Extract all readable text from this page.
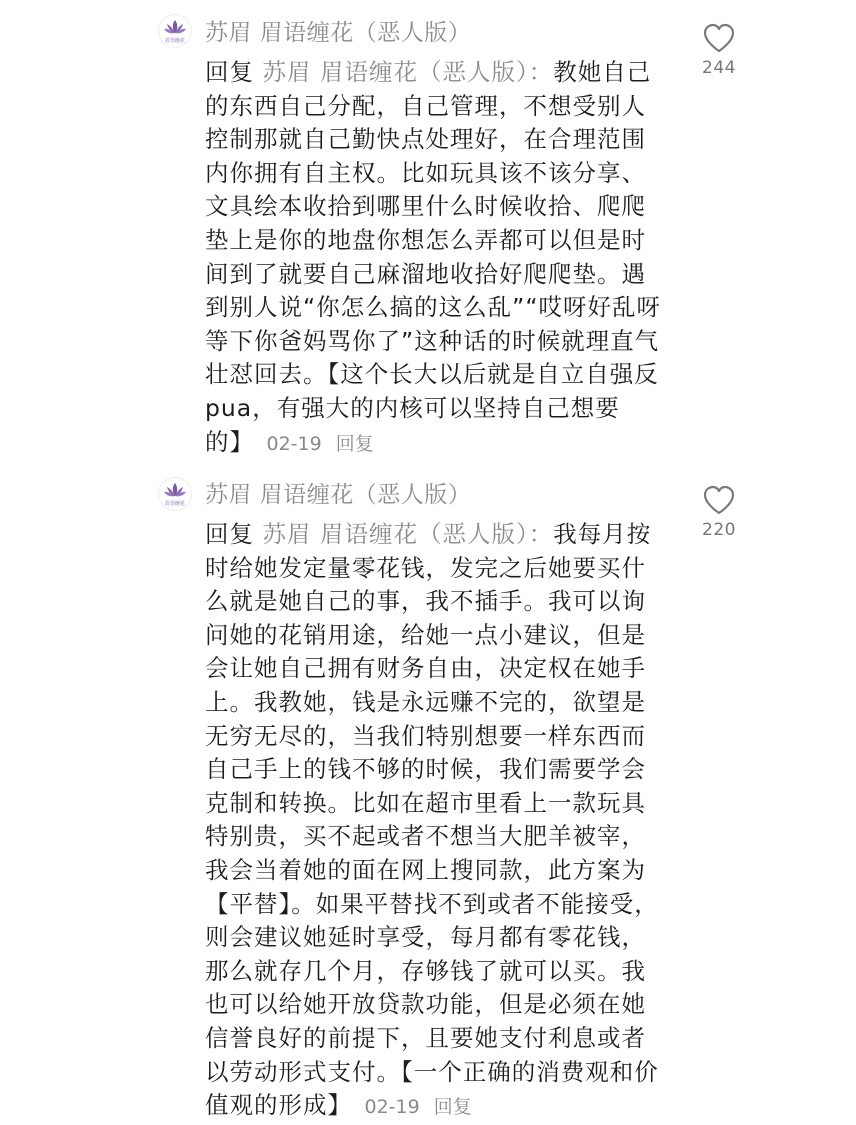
眉语缠花 苏眉 眉语缠花（恶人版）
回复 苏眉 眉语缠花（恶人版）：教她自己的东西自己分配，自己管理，不想受别人控制那就自己勤快点处理好，在合理范围内你拥有自主权。比如玩具该不该分享、文具绘本收拾到哪里什么时候收拾、爬爬垫上是你的地盘你想怎么弄都可以但是时间到了就要自己麻溜地收拾好爬爬垫。遇到别人说“你怎么搞的这么乱”“哎呀好乱呀等下你爸妈骂你了”这种话的时候就理直气壮怼回去。【这个长大以后就是自立自强反pua，有强大的内核可以坚持自己想要的】 02-19 回复
244
眉语缠花 苏眉 眉语缠花（恶人版）
回复 苏眉 眉语缠花（恶人版）：我每月按时给她发定量零花钱，发完之后她要买什么就是她自己的事，我不插手。我可以询问她的花销用途，给她一点小建议，但是会让她自己拥有财务自由，决定权在她手上。我教她，钱是永远赚不完的，欲望是无穷无尽的，当我们特别想要一样东西而自己手上的钱不够的时候，我们需要学会克制和转换。比如在超市里看上一款玩具特别贵，买不起或者不想当大肥羊被宰，我会当着她的面在网上搜同款，此方案为【平替】。如果平替找不到或者不能接受，则会建议她延时享受，每月都有零花钱，那么就存几个月，存够钱了就可以买。我也可以给她开放贷款功能，但是必须在她信誉良好的前提下，且要她支付利息或者以劳动形式支付。【一个正确的消费观和价值观的形成】 02-19 回复
220
